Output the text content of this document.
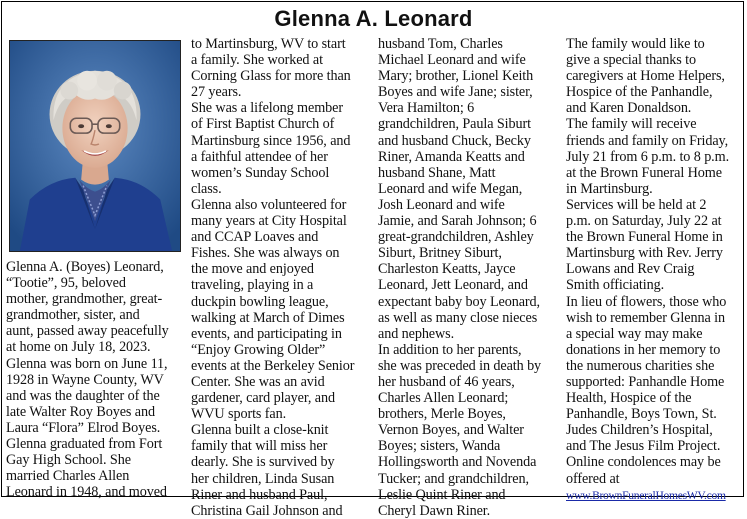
Glenna A. Leonard

Glenna A. (Boyes) Leonard,
“Tootie”, 95, beloved
mother, grandmother, great-
grandmother, sister, and
aunt, passed away peacefully
at home on July 18, 2023.
Glenna was born on June 11,
1928 in Wayne County, WV
and was the daughter of the
late Walter Roy Boyes and
Laura “Flora” Elrod Boyes.
Glenna graduated from Fort
Gay High School. She
married Charles Allen
Leonard in 1948, and moved

to Martinsburg, WV to start
a family. She worked at
Corning Glass for more than
27 years.
She was a lifelong member
of First Baptist Church of
Martinsburg since 1956, and
a faithful attendee of her
women’s Sunday School
class.
Glenna also volunteered for
many years at City Hospital
and CCAP Loaves and
Fishes. She was always on
the move and enjoyed
traveling, playing in a
duckpin bowling league,
walking at March of Dimes
events, and participating in
“Enjoy Growing Older”
events at the Berkeley Senior
Center. She was an avid
gardener, card player, and
WVU sports fan.
Glenna built a close-knit
family that will miss her
dearly. She is survived by
her children, Linda Susan
Riner and husband Paul,
Christina Gail Johnson and

husband Tom, Charles
Michael Leonard and wife
Mary; brother, Lionel Keith
Boyes and wife Jane; sister,
Vera Hamilton; 6
grandchildren, Paula Siburt
and husband Chuck, Becky
Riner, Amanda Keatts and
husband Shane, Matt
Leonard and wife Megan,
Josh Leonard and wife
Jamie, and Sarah Johnson; 6
great-grandchildren, Ashley
Siburt, Britney Siburt,
Charleston Keatts, Jayce
Leonard, Jett Leonard, and
expectant baby boy Leonard,
as well as many close nieces
and nephews.
In addition to her parents,
she was preceded in death by
her husband of 46 years,
Charles Allen Leonard;
brothers, Merle Boyes,
Vernon Boyes, and Walter
Boyes; sisters, Wanda
Hollingsworth and Novenda
Tucker; and grandchildren,
Leslie Quint Riner and
Cheryl Dawn Riner.

The family would like to
give a special thanks to
caregivers at Home Helpers,
Hospice of the Panhandle,
and Karen Donaldson.
The family will receive
friends and family on Friday,
July 21 from 6 p.m. to 8 p.m.
at the Brown Funeral Home
in Martinsburg.
Services will be held at 2
p.m. on Saturday, July 22 at
the Brown Funeral Home in
Martinsburg with Rev. Jerry
Lowans and Rev Craig
Smith officiating.
In lieu of flowers, those who
wish to remember Glenna in
a special way may make
donations in her memory to
the numerous charities she
supported: Panhandle Home
Health, Hospice of the
Panhandle, Boys Town, St.
Judes Children’s Hospital,
and The Jesus Film Project.
Online condolences may be
offered at

www.BrownFuneralHomesWV.com
